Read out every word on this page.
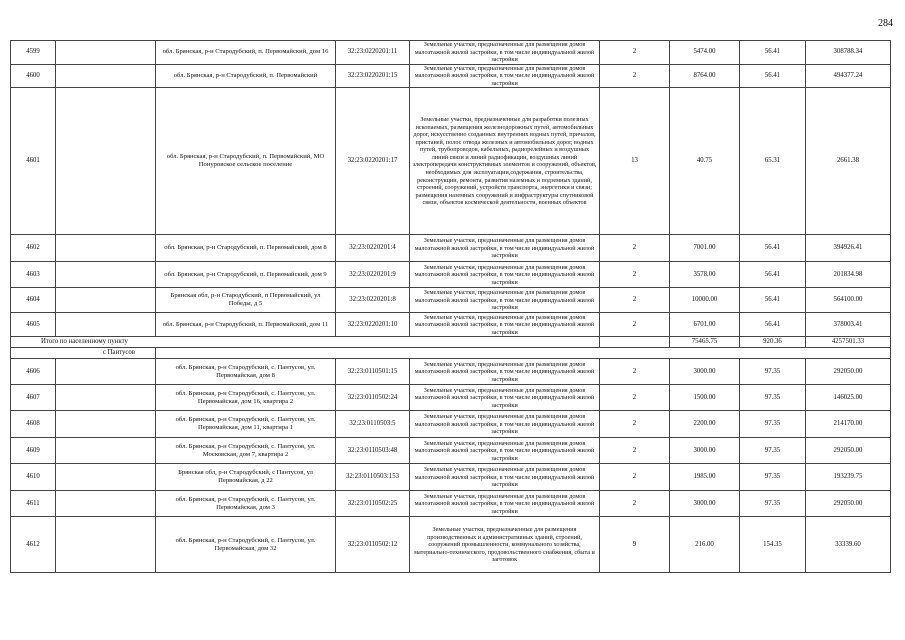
284
4599		обл. Брянская, р-н Стародубский, п. Первомайский, дом 16	32:23:0220201:11	Земельные участки, предназначенные для размещения домов малоэтажной жилой застройки, в том числе индивидуальной жилой застройки	2	5474.00	56.41	308788.34
4600		обл. Брянская, р-н Стародубский, п. Первомайский	32:23:0220201:15	Земельные участки, предназначенные для размещения домов малоэтажной жилой застройки, в том числе индивидуальной жилой застройки	2	8764.00	56.41	494377.24
4601		обл. Брянская, р-н Стародубский, п. Первомайский, МО Понуровское сельское поселение	32:23:0220201:17	Земельные участки, предназначенные для разработки полезных ископаемых, размещения железнодорожных путей, автомобильных дорог, искусственно созданных внутренних водных путей, причалов, пристаней, полос отвода железных и автомобильных дорог, водных путей, трубопроводов, кабельных, радиорелейных и воздушных линий связи и линий радиофикации, воздушных линий электропередачи конструктивных элементов и сооружений, объектов, необходимых для эксплуатации,содержания, строительства, реконструкции, ремонта, развития наземных и подземных зданий, строений, сооружений, устройств транспорта, энергетики и связи; размещения наземных сооружений и инфраструктуры спутниковой связи, объектов космической деятельности, военных объектов	13	40.75	65.31	2661.38
4602		обл. Брянская, р-н Стародубский, п. Первомайский, дом 8	32:23:0220201:4	Земельные участки, предназначенные для размещения домов малоэтажной жилой застройки, в том числе индивидуальной жилой застройки	2	7001.00	56.41	394926.41
4603		обл. Брянская, р-н Стародубский, п. Первомайский, дом 9	32:23:0220201:9	Земельные участки, предназначенные для размещения домов малоэтажной жилой застройки, в том числе индивидуальной жилой застройки	2	3578.00	56.41	201834.98
4604		Брянская обл, р-н Стародубский, п Первомайский, ул Победы, д 5	32:23:0220201:8	Земельные участки, предназначенные для размещения домов малоэтажной жилой застройки, в том числе индивидуальной жилой застройки	2	10000.00	56.41	564100.00
4605		обл. Брянская, р-н Стародубский, п. Первомайский, дом 11	32:23:0220201:10	Земельные участки, предназначенные для размещения домов малоэтажной жилой застройки, в том числе индивидуальной жилой застройки	2	6701.00	56.41	378003.41
Итого по населенному пункту						75465.75	920.36	4257501.33
с Пантусов								
4606		обл. Брянская, р-н Стародубский, с. Пантусов, ул. Первомайская, дом 8	32:23:0110501:15	Земельные участки, предназначенные для размещения домов малоэтажной жилой застройки, в том числе индивидуальной жилой застройки	2	3000.00	97.35	292050.00
4607		обл. Брянская, р-н Стародубский, с. Пантусов, ул. Первомайская, дом 16, квартира 2	32:23:0110502:24	Земельные участки, предназначенные для размещения домов малоэтажной жилой застройки, в том числе индивидуальной жилой застройки	2	1500.00	97.35	146025.00
4608		обл. Брянская, р-н Стародубский, с. Пантусов, ул. Первомайская, дом 11, квартира 1	32:23:0110503:5	Земельные участки, предназначенные для размещения домов малоэтажной жилой застройки, в том числе индивидуальной жилой застройки	2	2200.00	97.35	214170.00
4609		обл. Брянская, р-н Стародубский, с. Пантусов, ул. Московская, дом 7, квартира 2	32:23:0110503:48	Земельные участки, предназначенные для размещения домов малоэтажной жилой застройки, в том числе индивидуальной жилой застройки	2	3000.00	97.35	292050.00
4610		Брянская обл, р-н Стародубский, с Пантусов, ул Первомайская, д 22	32:23:0110503:153	Земельные участки, предназначенные для размещения домов малоэтажной жилой застройки, в том числе индивидуальной жилой застройки	2	1985.00	97.35	193239.75
4611		обл. Брянская, р-н Стародубский, с. Пантусов, ул. Первомайская, дом 3	32:23:0110502:25	Земельные участки, предназначенные для размещения домов малоэтажной жилой застройки, в том числе индивидуальной жилой застройки	2	3000.00	97.35	292050.00
4612		обл. Брянская, р-н Стародубский, с. Пантусов, ул. Первомайская, дом 32	32:23:0110502:12	Земельные участки, предназначенные для размещения производственных и административных зданий, строений, сооружений промышленности, коммунального хозяйства, материально-технического, продовольственного снабжения, сбыта и заготовок	9	216.00	154.35	33339.60
